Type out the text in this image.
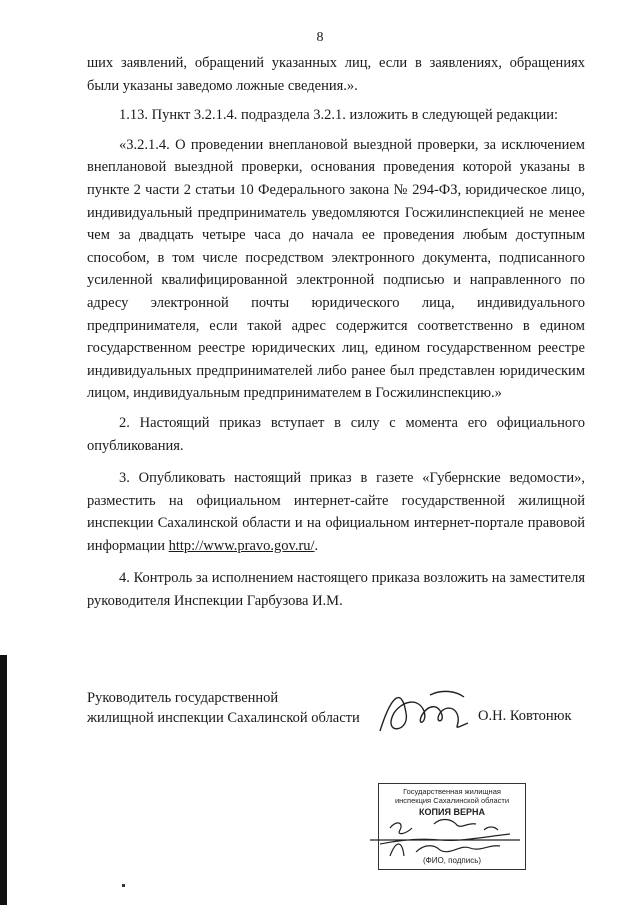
8

ших заявлений, обращений указанных лиц, если в заявлениях, обращениях были указаны заведомо ложные сведения.».

1.13. Пункт 3.2.1.4. подраздела 3.2.1. изложить в следующей редакции:

«3.2.1.4. О проведении внеплановой выездной проверки, за исключением внеплановой выездной проверки, основания проведения которой указаны в пункте 2 части 2 статьи 10 Федерального закона № 294-ФЗ, юридическое лицо, индивидуальный предприниматель уведомляются Госжилинспекцией не менее чем за двадцать четыре часа до начала ее проведения любым доступным способом, в том числе посредством электронного документа, подписанного усиленной квалифицированной электронной подписью и направленного по адресу электронной почты юридического лица, индивидуального предпринимателя, если такой адрес содержится соответственно в едином государственном реестре юридических лиц, едином государственном реестре индивидуальных предпринимателей либо ранее был представлен юридическим лицом, индивидуальным предпринимателем в Госжилинспекцию.»

2. Настоящий приказ вступает в силу с момента его официального опубликования.

3. Опубликовать настоящий приказ в газете «Губернские ведомости», разместить на официальном интернет-сайте государственной жилищной инспекции Сахалинской области и на официальном интернет-портале правовой информации http://www.pravo.gov.ru/.

4. Контроль за исполнением настоящего приказа возложить на заместителя руководителя Инспекции Гарбузова И.М.

Руководитель государственной
жилищной инспекции Сахалинской области	О.Н. Ковтонюк
Государственная жилищная
инспекция Сахалинской области
КОПИЯ ВЕРНА
(ФИО, подпись)
